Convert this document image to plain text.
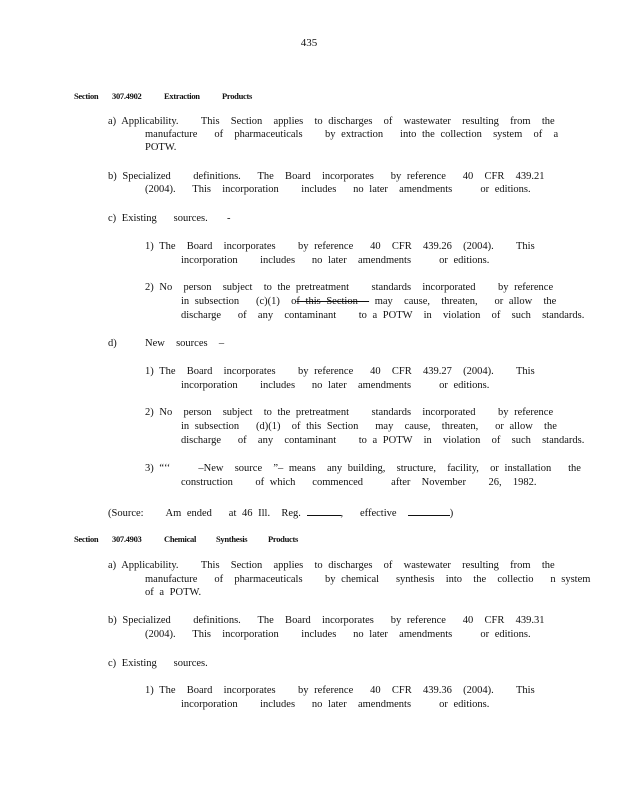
435
Section 307.4902	Extraction	Products
a) Applicability.    This  Section  applies  to discharges  of  wastewater  resulting  from  the
manufacture   of  pharmaceuticals    by extraction   into the collection  system  of  a
POTW.
b) Specialized    definitions.   The  Board  incorporates   by reference   40  CFR  439.21
(2004).   This  incorporation    includes   no later  amendments     or editions.
c) Existing   sources. -
1) The  Board  incorporates    by reference   40  CFR  439.26  (2004).    This
incorporation    includes   no later  amendments     or editions.
2) No  person  subject  to the pretreatment    standards  incorporated    by reference
in subsection   (c)(1)  of this Section   may  cause,  threaten,   or allow  the
discharge   of  any  contaminant    to a POTW  in  violation  of  such  standards.
d)	New  sources  –
1) The  Board  incorporates    by reference   40  CFR  439.27  (2004).    This
incorporation    includes   no later  amendments     or editions.
2) No  person  subject  to the pretreatment    standards  incorporated    by reference
in subsection   (d)(1)  of this Section   may  cause,  threaten,   or allow  the
discharge   of  any  contaminant    to a POTW  in  violation  of  such  standards.
3) “‘‘     –New  source  ”– means  any building,  structure,  facility,  or installation   the
construction    of which   commenced     after  November    26,  1982.
(Source:    Am ended   at 46 Ill.  Reg.	,   effective	)
Section 307.4903	Chemical Synthesis Products
a) Applicability.    This  Section  applies  to discharges  of  wastewater  resulting  from  the
manufacture   of  pharmaceuticals    by chemical   synthesis  into  the  collectio   n system
of a POTW.
b) Specialized    definitions.   The  Board  incorporates   by reference   40  CFR  439.31
(2004).   This  incorporation    includes   no later  amendments     or editions.
c) Existing   sources.
1) The  Board  incorporates    by reference   40  CFR  439.36  (2004).    This
incorporation    includes   no later  amendments     or editions.
